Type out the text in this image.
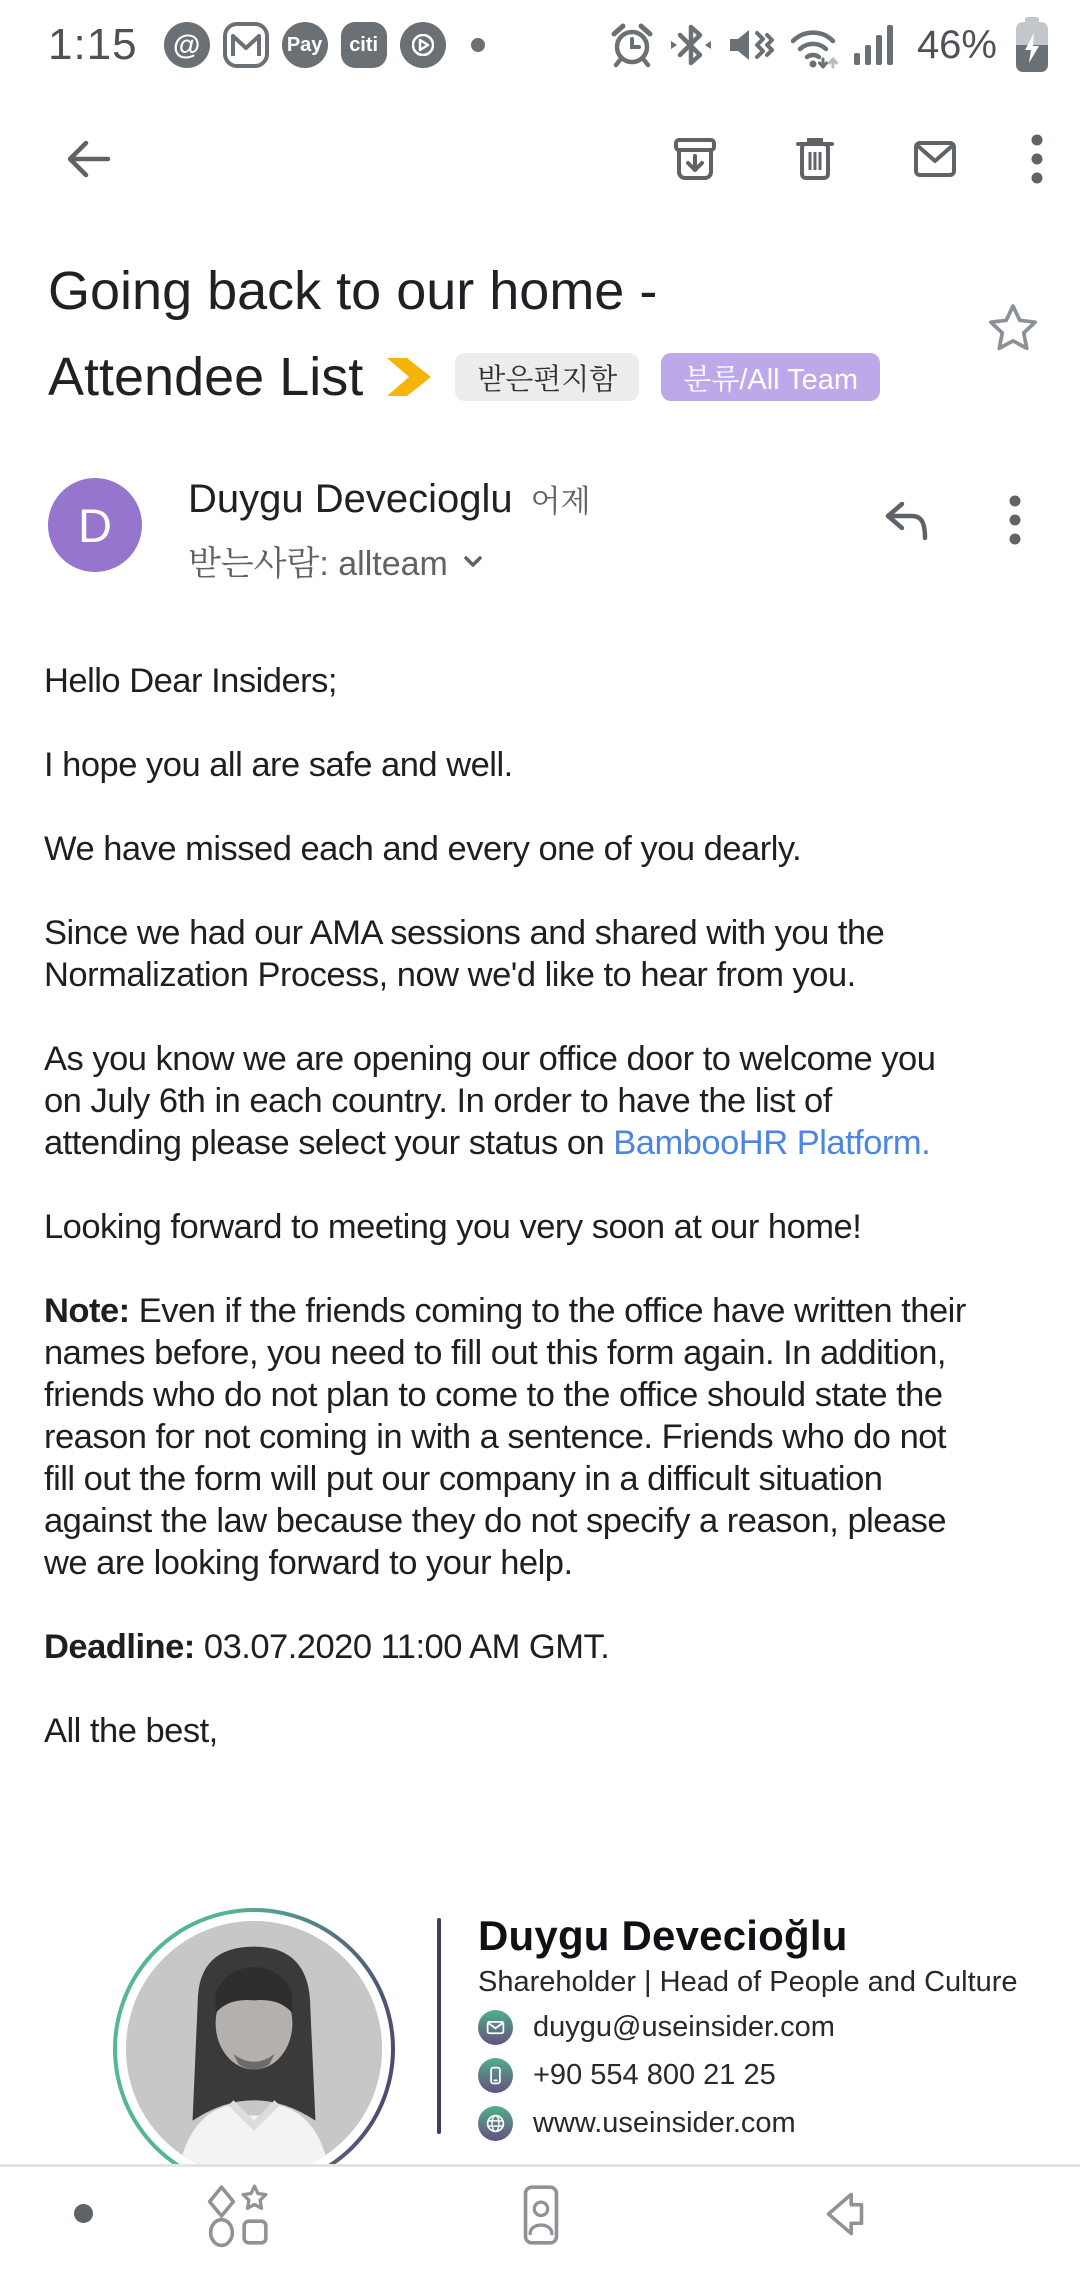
1:15	@	Pay citi	46%
Going back to our home -
Attendee List	받은편지함	분류/All Team
D	Duygu Devecioglu 어제
받는사람: allteam

Hello Dear Insiders;

I hope you all are safe and well.

We have missed each and every one of you dearly.

Since we had our AMA sessions and shared with you the
Normalization Process, now we'd like to hear from you.

As you know we are opening our office door to welcome you
on July 6th in each country. In order to have the list of
attending please select your status on BambooHR Platform.

Looking forward to meeting you very soon at our home!

Note: Even if the friends coming to the office have written their
names before, you need to fill out this form again. In addition,
friends who do not plan to come to the office should state the
reason for not coming in with a sentence. Friends who do not
fill out the form will put our company in a difficult situation
against the law because they do not specify a reason, please
we are looking forward to your help.

Deadline: 03.07.2020 11:00 AM GMT.

All the best,

Duygu Devecioğlu
Shareholder | Head of People and Culture
duygu@useinsider.com
+90 554 800 21 25
www.useinsider.com
